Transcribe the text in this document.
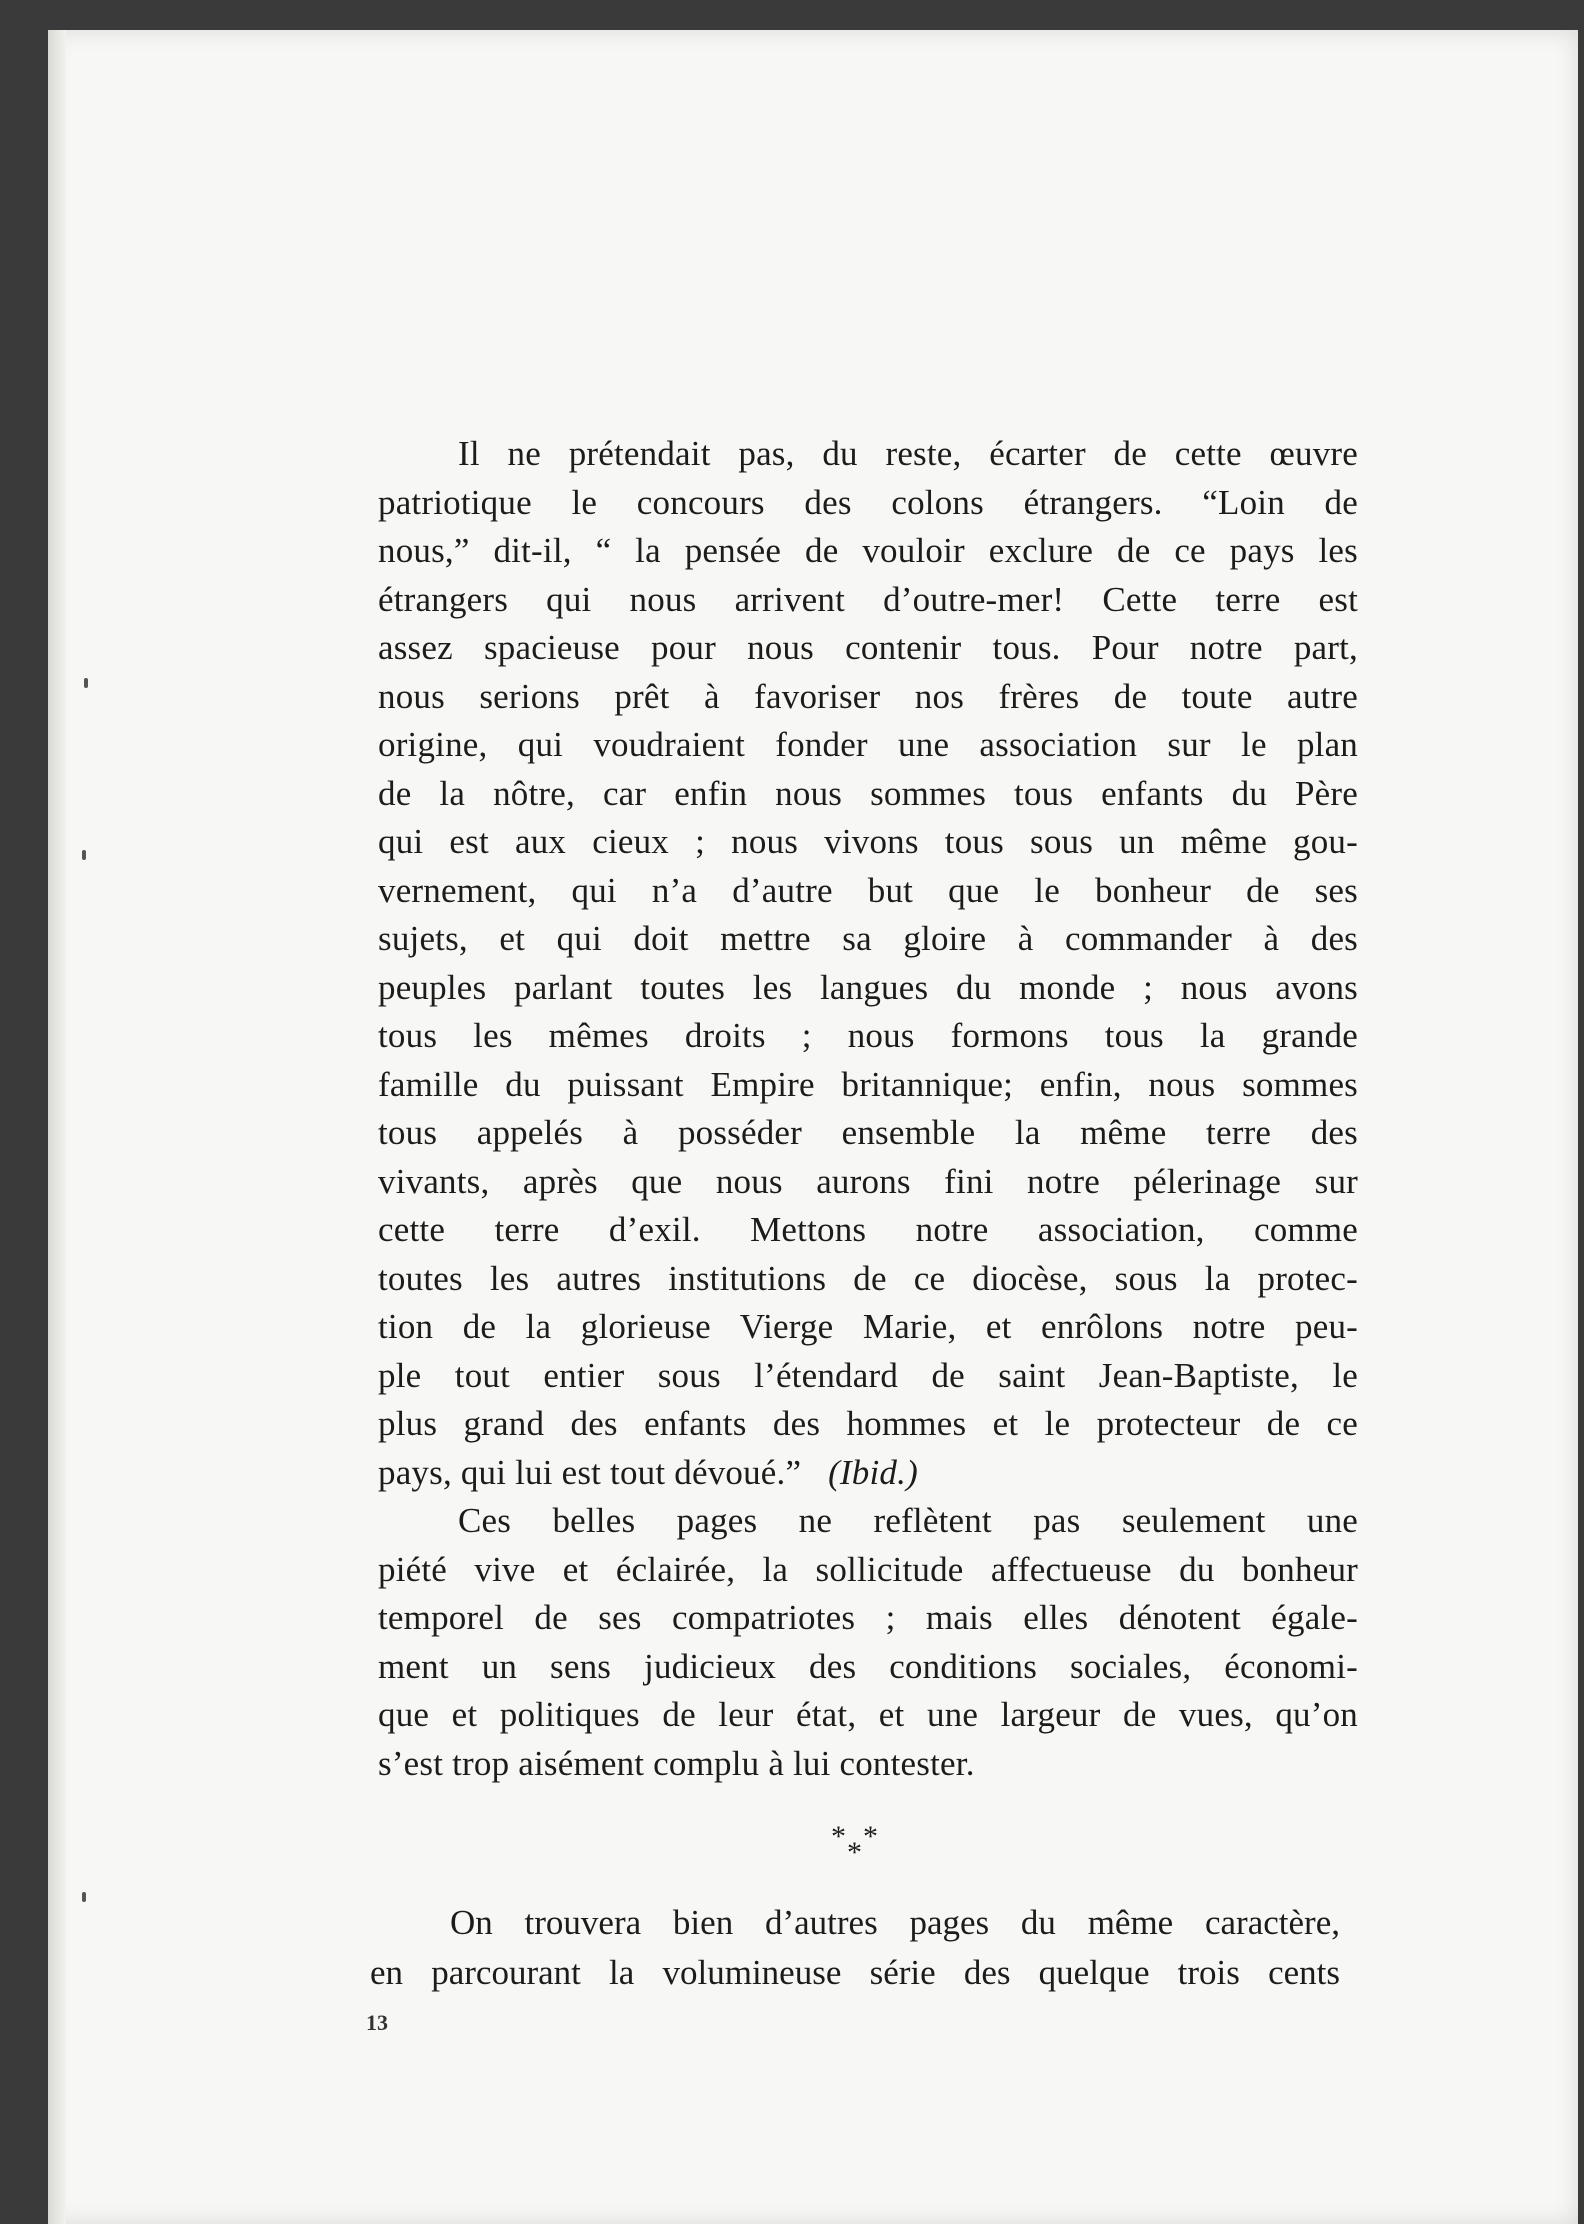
Il ne prétendait pas, du reste, écarter de cette œuvre
patriotique le concours des colons étrangers. “Loin de
nous,” dit-il, “ la pensée de vouloir exclure de ce pays les
étrangers qui nous arrivent d’outre-mer! Cette terre est
assez spacieuse pour nous contenir tous. Pour notre part,
nous serions prêt à favoriser nos frères de toute autre
origine, qui voudraient fonder une association sur le plan
de la nôtre, car enfin nous sommes tous enfants du Père
qui est aux cieux ; nous vivons tous sous un même gou-
vernement, qui n’a d’autre but que le bonheur de ses
sujets, et qui doit mettre sa gloire à commander à des
peuples parlant toutes les langues du monde ; nous avons
tous les mêmes droits ; nous formons tous la grande
famille du puissant Empire britannique; enfin, nous sommes
tous appelés à posséder ensemble la même terre des
vivants, après que nous aurons fini notre pélerinage sur
cette terre d’exil. Mettons notre association, comme
toutes les autres institutions de ce diocèse, sous la protec-
tion de la glorieuse Vierge Marie, et enrôlons notre peu-
ple tout entier sous l’étendard de saint Jean-Baptiste, le
plus grand des enfants des hommes et le protecteur de ce
pays, qui lui est tout dévoué.” (Ibid.)
Ces belles pages ne reflètent pas seulement une
piété vive et éclairée, la sollicitude affectueuse du bonheur
temporel de ses compatriotes ; mais elles dénotent égale-
ment un sens judicieux des conditions sociales, économi-
que et politiques de leur état, et une largeur de vues, qu’on
s’est trop aisément complu à lui contester.
* *
*
On trouvera bien d’autres pages du même caractère,
en parcourant la volumineuse série des quelque trois cents
13
